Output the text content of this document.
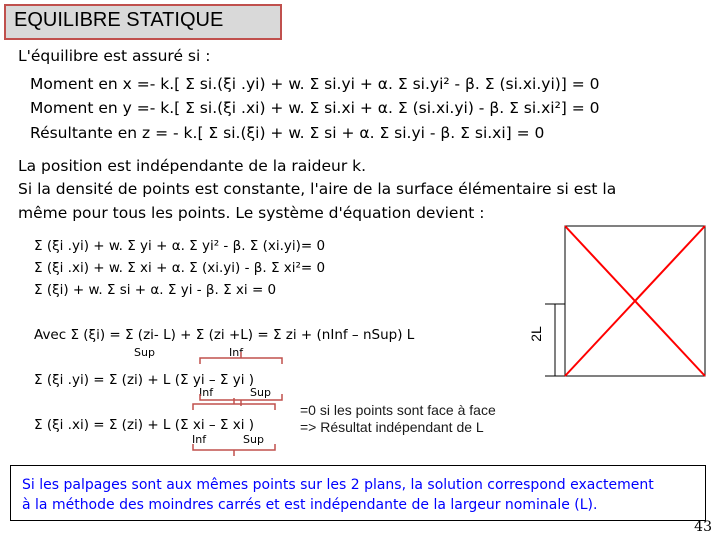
EQUILIBRE STATIQUE
L'équilibre est assuré si :
Moment en x =- k.[ Σ si.(ξi .yi) + w. Σ si.yi + α. Σ si.yi² - β. Σ (si.xi.yi)] = 0
Moment en y =- k.[ Σ si.(ξi .xi) + w. Σ si.xi + α. Σ (si.xi.yi) - β. Σ si.xi²] = 0
Résultante en z = - k.[ Σ si.(ξi) + w. Σ si + α. Σ si.yi - β. Σ si.xi] = 0
La position est indépendante de la raideur k.
Si la densité de points est constante, l'aire de la surface élémentaire si est la
même pour tous les points. Le système d'équation devient :
Σ (ξi .yi) + w. Σ yi + α. Σ yi² - β. Σ (xi.yi)= 0
Σ (ξi .xi) + w. Σ xi + α. Σ (xi.yi) - β. Σ xi²= 0
Σ (ξi) + w. Σ si + α. Σ yi - β. Σ xi = 0
Avec Σ (ξi) = Σ (zi- L) + Σ (zi +L) = Σ zi + (nInf – nSup) L
Sup	Inf
Σ (ξi .yi) = Σ (zi) + L (Σ yi – Σ yi )
Inf	Sup
Σ (ξi .xi) = Σ (zi) + L (Σ xi – Σ xi )
Inf	Sup
=0 si les points sont face à face
=> Résultat indépendant de L
2L
Si les palpages sont aux mêmes points sur les 2 plans, la solution correspond exactement
à la méthode des moindres carrés et est indépendante de la largeur nominale (L).
43
